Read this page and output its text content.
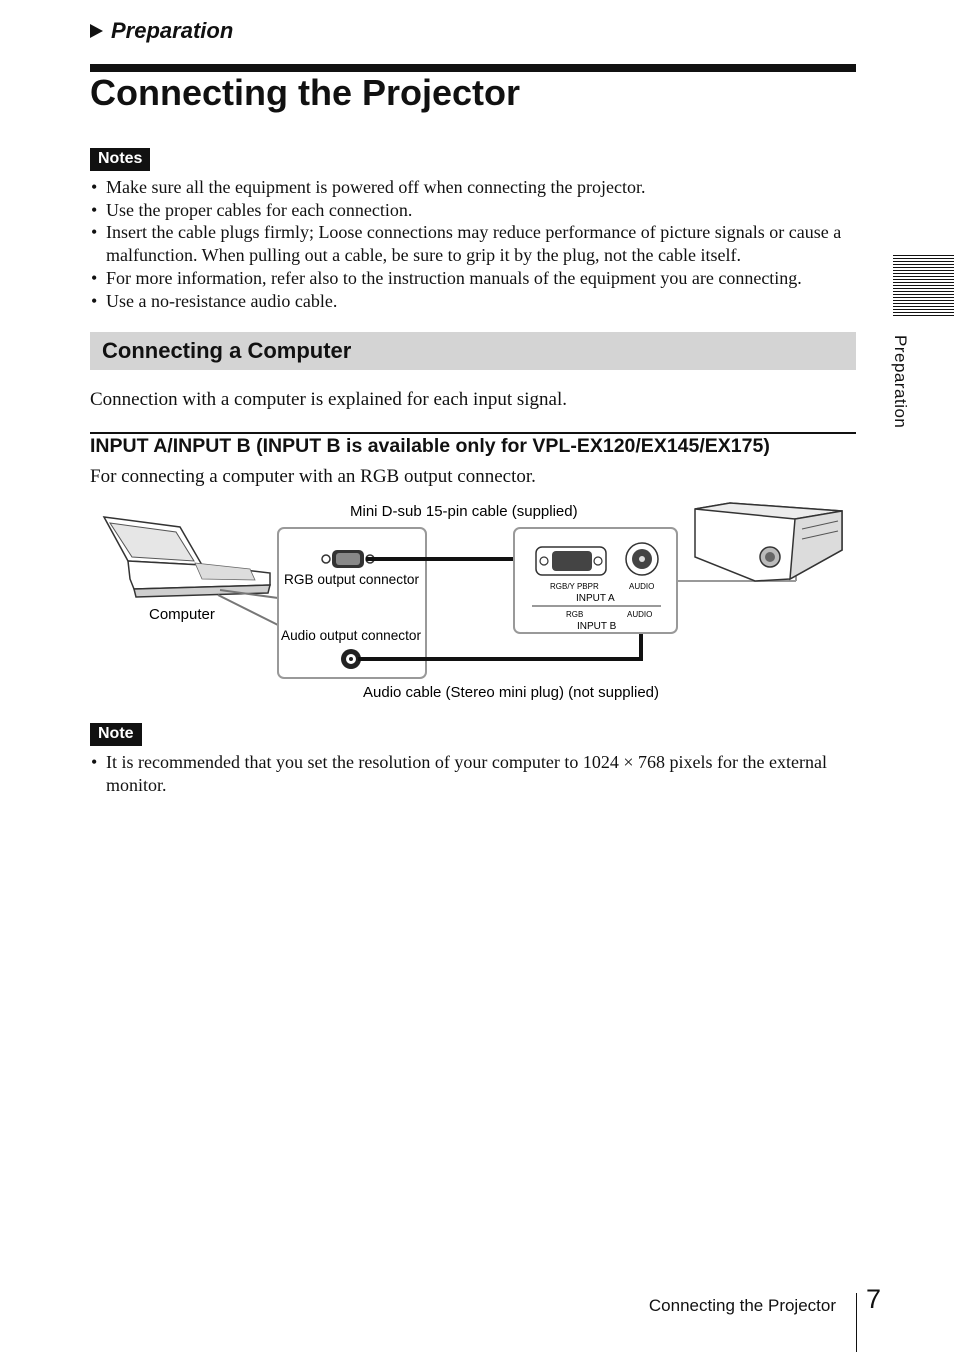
Preparation
Connecting the Projector
Notes
• Make sure all the equipment is powered off when connecting the projector.
• Use the proper cables for each connection.
• Insert the cable plugs firmly; Loose connections may reduce performance of picture signals or cause a malfunction. When pulling out a cable, be sure to grip it by the plug, not the cable itself.
• For more information, refer also to the instruction manuals of the equipment you are connecting.
• Use a no-resistance audio cable.
Connecting a Computer

Connection with a computer is explained for each input signal.

INPUT A/INPUT B (INPUT B is available only for VPL-EX120/EX145/EX175)

For connecting a computer with an RGB output connector.

Mini D-sub 15-pin cable (supplied)
Audio cable (Stereo mini plug) (not supplied)
Computer
RGB output connector
Audio output connector
RGB/Y PBPR	AUDIO
INPUT A
RGB	AUDIO
INPUT B
Note
• It is recommended that you set the resolution of your computer to 1024 × 768 pixels for the external monitor.
Preparation
Connecting the Projector 7
